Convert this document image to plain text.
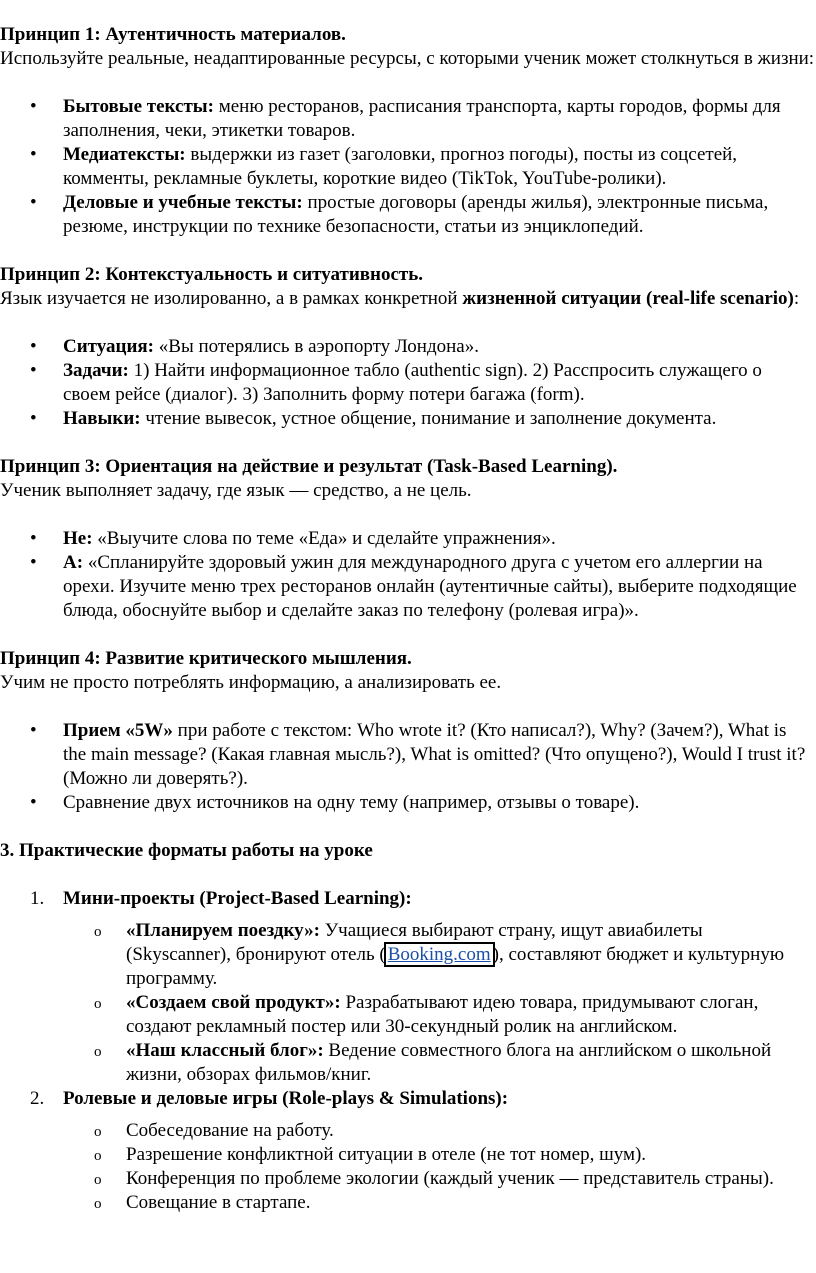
Принцип 1: Аутентичность материалов.

Используйте реальные, неадаптированные ресурсы, с которыми ученик может столкнуться в жизни:

• Бытовые тексты: меню ресторанов, расписания транспорта, карты городов, формы для заполнения, чеки, этикетки товаров.
• Медиатексты: выдержки из газет (заголовки, прогноз погоды), посты из соцсетей, комменты, рекламные буклеты, короткие видео (TikTok, YouTube-ролики).
• Деловые и учебные тексты: простые договоры (аренды жилья), электронные письма, резюме, инструкции по технике безопасности, статьи из энциклопедий.

Принцип 2: Контекстуальность и ситуативность.

Язык изучается не изолированно, а в рамках конкретной жизненной ситуации (real-life scenario):

• Ситуация: «Вы потерялись в аэропорту Лондона».
• Задачи: 1) Найти информационное табло (authentic sign). 2) Расспросить служащего о своем рейсе (диалог). 3) Заполнить форму потери багажа (form).
• Навыки: чтение вывесок, устное общение, понимание и заполнение документа.

Принцип 3: Ориентация на действие и результат (Task-Based Learning).

Ученик выполняет задачу, где язык — средство, а не цель.

• Не: «Выучите слова по теме «Еда» и сделайте упражнения».
• А: «Спланируйте здоровый ужин для международного друга с учетом его аллергии на орехи. Изучите меню трех ресторанов онлайн (аутентичные сайты), выберите подходящие блюда, обоснуйте выбор и сделайте заказ по телефону (ролевая игра)».

Принцип 4: Развитие критического мышления.

Учим не просто потреблять информацию, а анализировать ее.

• Прием «5W» при работе с текстом: Who wrote it? (Кто написал?), Why? (Зачем?), What is the main message? (Какая главная мысль?), What is omitted? (Что опущено?), Would I trust it? (Можно ли доверять?).
• Сравнение двух источников на одну тему (например, отзывы о товаре).

3. Практические форматы работы на уроке

1. Мини-проекты (Project-Based Learning):
o «Планируем поездку»: Учащиеся выбирают страну, ищут авиабилеты (Skyscanner), бронируют отель ( Booking.com ), составляют бюджет и культурную программу.
o «Создаем свой продукт»: Разрабатывают идею товара, придумывают слоган, создают рекламный постер или 30-секундный ролик на английском.
o «Наш классный блог»: Ведение совместного блога на английском о школьной жизни, обзорах фильмов/книг.
2. Ролевые и деловые игры (Role-plays & Simulations):
o Собеседование на работу.
o Разрешение конфликтной ситуации в отеле (не тот номер, шум).
o Конференция по проблеме экологии (каждый ученик — представитель страны).
o Совещание в стартапе.
